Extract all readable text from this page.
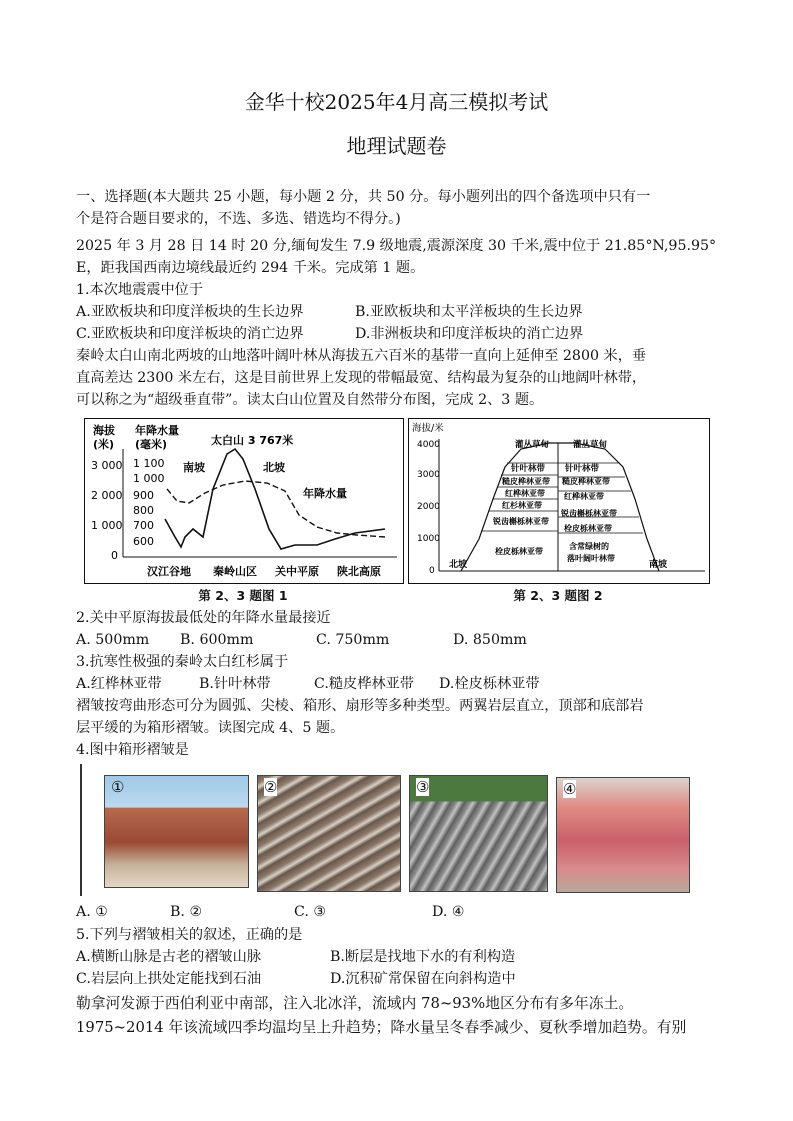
金华十校2025年4月高三模拟考试
地理试题卷
一、选择题(本大题共 25 小题，每小题 2 分，共 50 分。每小题列出的四个备选项中只有一
个是符合题目要求的，不选、多选、错选均不得分。)
2025 年 3 月 28 日 14 时 20 分,缅甸发生 7.9 级地震,震源深度 30 千米,震中位于 21.85°N,95.95°
E，距我国西南边境线最近约 294 千米。完成第 1 题。
1.本次地震震中位于
A.亚欧板块和印度洋板块的生长边界	B.亚欧板块和太平洋板块的生长边界
C.亚欧板块和印度洋板块的消亡边界	D.非洲板块和印度洋板块的消亡边界
秦岭太白山南北两坡的山地落叶阔叶林从海拔五六百米的基带一直向上延伸至 2800 米，垂
直高差达 2300 米左右，这是目前世界上发现的带幅最宽、结构最为复杂的山地阔叶林带，
可以称之为“超级垂直带”。读太白山位置及自然带分布图，完成 2、3 题。
海拔
(米)
年降水量
(毫米)
3 000
2 000
1 000
0
1 100
1 000
900
800
700
600
太白山 3 767米
南坡	北坡
年降水量
汉江谷地 秦岭山区 关中平原 陕北高原
第 2、3 题图 1
海拔/米
4000
3000
2000
1000
0
灌丛草甸
针叶林带
糙皮桦林亚带
红桦林亚带
红杉林亚带
锐齿槲栎林亚带
栓皮栎林亚带
灌丛草甸
针叶林带
糙皮桦林亚带
红桦林亚带
锐齿槲栎林亚带
栓皮栎林亚带
含常绿树的
落叶阔叶林带
北坡	南坡
第 2、3 题图 2
2.关中平原海拔最低处的年降水量最接近
A. 500mm	B. 600mm	C. 750mm	D. 850mm
3.抗寒性极强的秦岭太白红杉属于
A.红桦林亚带	B.针叶林带	C.糙皮桦林亚带	D.栓皮栎林亚带
褶皱按弯曲形态可分为圆弧、尖棱、箱形、扇形等多种类型。两翼岩层直立，顶部和底部岩
层平缓的为箱形褶皱。读图完成 4、5 题。
4.图中箱形褶皱是
①	②	③	④
A. ①	B. ②	C. ③	D. ④
5.下列与褶皱相关的叙述，正确的是
A.横断山脉是古老的褶皱山脉	B.断层是找地下水的有利构造
C.岩层向上拱处定能找到石油	D.沉积矿常保留在向斜构造中
勒拿河发源于西伯利亚中南部，注入北冰洋，流域内 78~93%地区分布有多年冻土。
1975~2014 年该流域四季均温均呈上升趋势；降水量呈冬春季减少、夏秋季增加趋势。有别
